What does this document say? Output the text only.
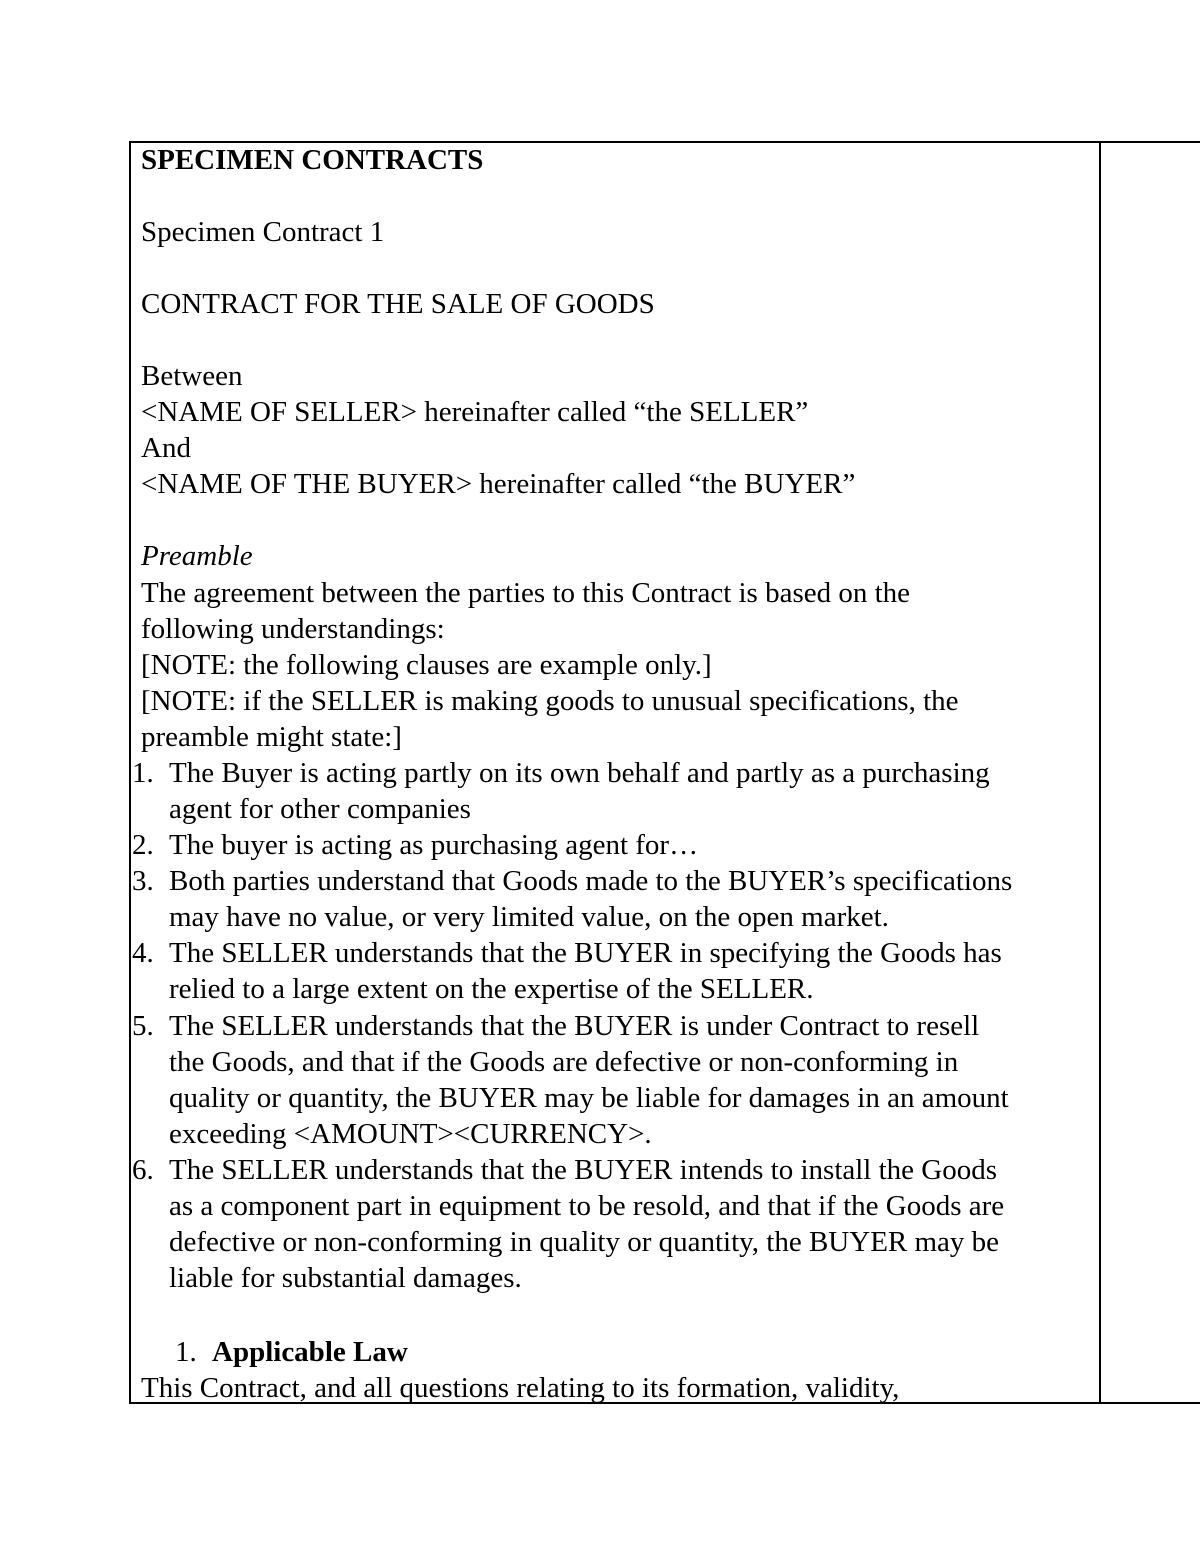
SPECIMEN CONTRACTS
Specimen Contract 1
CONTRACT FOR THE SALE OF GOODS
Between
<NAME OF SELLER> hereinafter called “the SELLER”
And
<NAME OF THE BUYER> hereinafter called “the BUYER”
Preamble
The agreement between the parties to this Contract is based on the
following understandings:
[NOTE: the following clauses are example only.]
[NOTE: if the SELLER is making goods to unusual specifications, the
preamble might state:]
1. The Buyer is acting partly on its own behalf and partly as a purchasing
agent for other companies
2. The buyer is acting as purchasing agent for…
3. Both parties understand that Goods made to the BUYER’s specifications
may have no value, or very limited value, on the open market.
4. The SELLER understands that the BUYER in specifying the Goods has
relied to a large extent on the expertise of the SELLER.
5. The SELLER understands that the BUYER is under Contract to resell
the Goods, and that if the Goods are defective or non-conforming in
quality or quantity, the BUYER may be liable for damages in an amount
exceeding <AMOUNT><CURRENCY>.
6. The SELLER understands that the BUYER intends to install the Goods
as a component part in equipment to be resold, and that if the Goods are
defective or non-conforming in quality or quantity, the BUYER may be
liable for substantial damages.
1. Applicable Law
This Contract, and all questions relating to its formation, validity,
